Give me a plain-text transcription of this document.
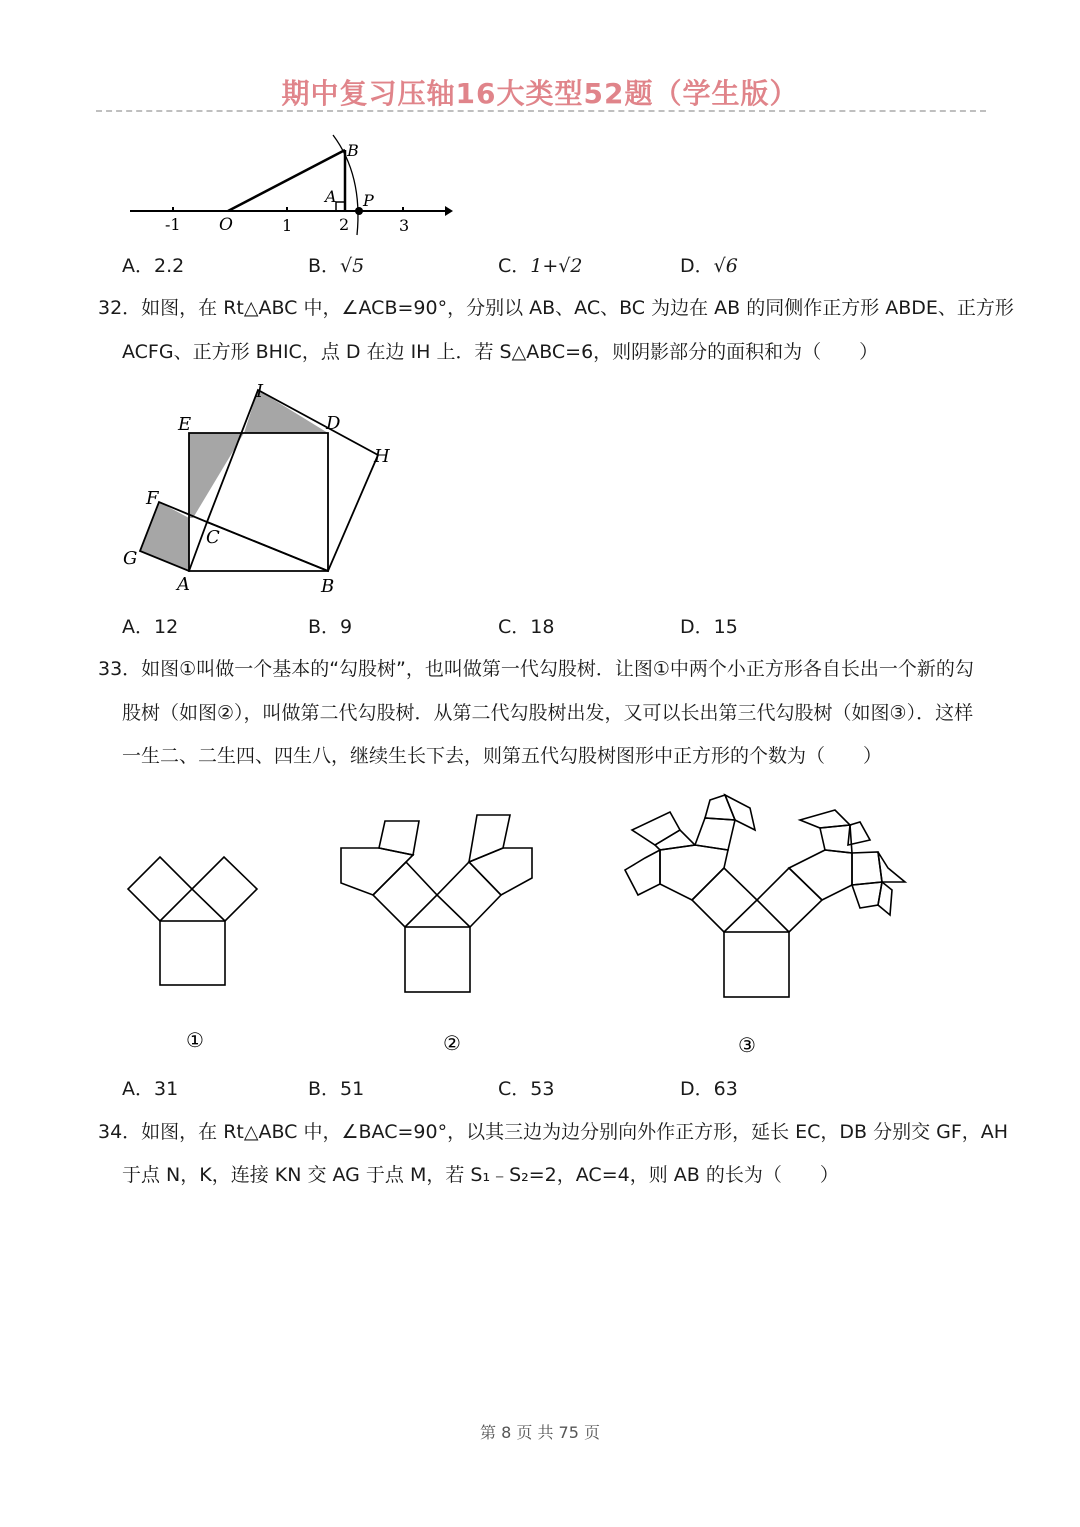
期中复习压轴16大类型52题（学生版）
-1 O	1	2	3
B
A P
A．2.2	B．√5	C．1+√2	D．√6
32．如图，在 Rt△ABC 中，∠ACB=90°，分别以 AB、AC、BC 为边在 AB 的同侧作正方形 ABDE、正方形
ACFG、正方形 BHIC，点 D 在边 IH 上．若 S△ABC=6，则阴影部分的面积和为（　　）
I
E	D
H
F
C
G
A	B
A．12	B．9	C．18	D．15
33．如图①叫做一个基本的“勾股树”，也叫做第一代勾股树．让图①中两个小正方形各自长出一个新的勾
股树（如图②），叫做第二代勾股树．从第二代勾股树出发，又可以长出第三代勾股树（如图③）．这样
一生二、二生四、四生八，继续生长下去，则第五代勾股树图形中正方形的个数为（　　）
①	②	③
A．31	B．51	C．53	D．63
34．如图，在 Rt△ABC 中，∠BAC=90°，以其三边为边分别向外作正方形，延长 EC，DB 分别交 GF，AH
于点 N，K，连接 KN 交 AG 于点 M，若 S₁﹣S₂=2，AC=4，则 AB 的长为（　　）
第 8 页 共 75 页
